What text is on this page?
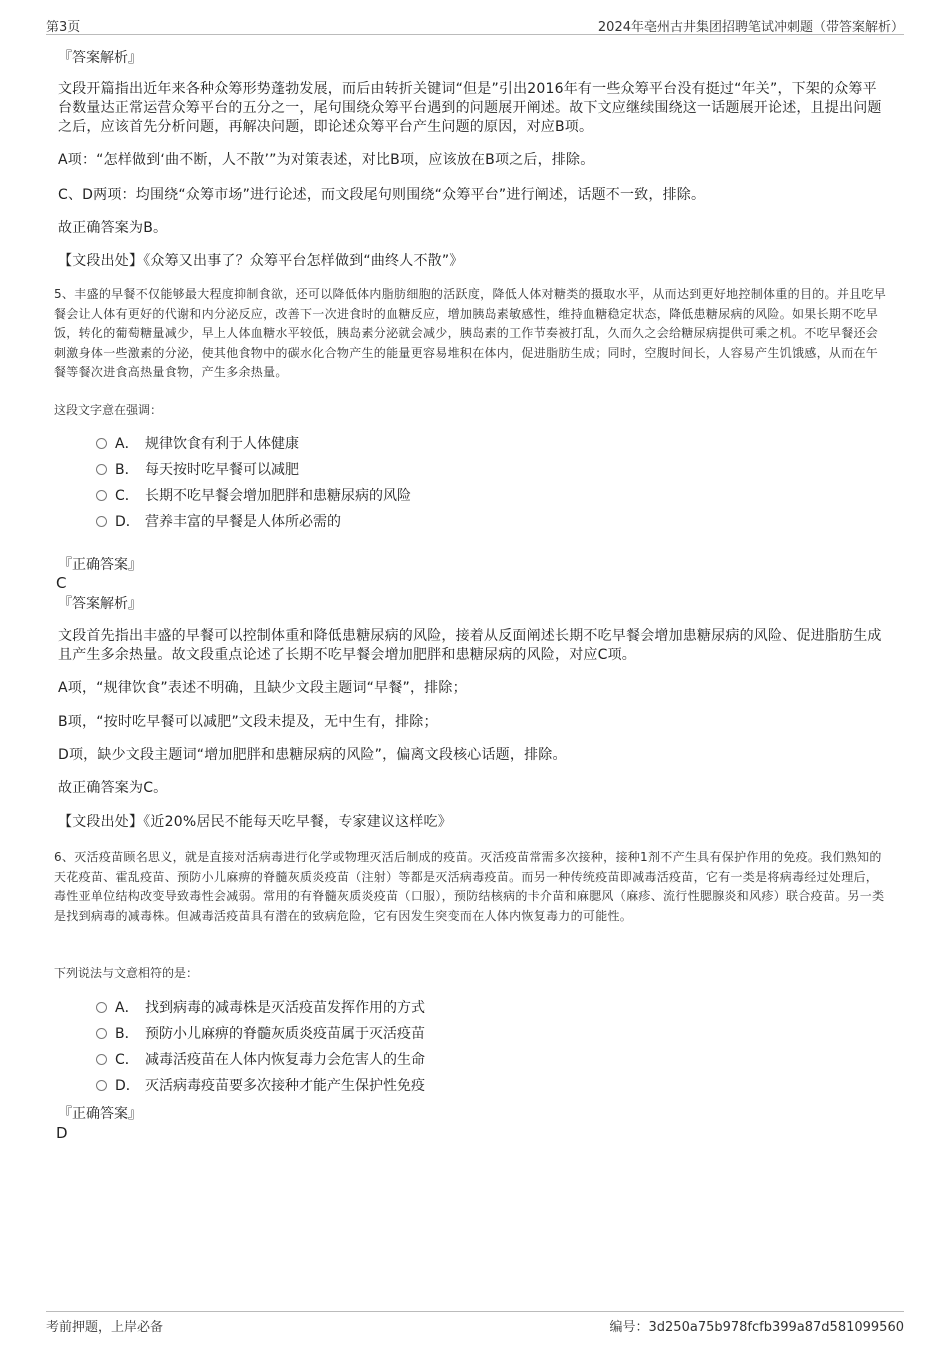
第3页	2024年亳州古井集团招聘笔试冲刺题（带答案解析）
『答案解析』
文段开篇指出近年来各种众筹形势蓬勃发展，而后由转折关键词“但是”引出2016年有一些众筹平台没有挺过“年关”，下架的众筹平台数量达正常运营众筹平台的五分之一，尾句围绕众筹平台遇到的问题展开阐述。故下文应继续围绕这一话题展开论述，且提出问题之后，应该首先分析问题，再解决问题，即论述众筹平台产生问题的原因，对应B项。
A项：“怎样做到‘曲不断，人不散’”为对策表述，对比B项，应该放在B项之后，排除。
C、D两项：均围绕“众筹市场”进行论述，而文段尾句则围绕“众筹平台”进行阐述，话题不一致，排除。
故正确答案为B。
【文段出处】《众筹又出事了？众筹平台怎样做到“曲终人不散”》
5、丰盛的早餐不仅能够最大程度抑制食欲，还可以降低体内脂肪细胞的活跃度，降低人体对糖类的摄取水平，从而达到更好地控制体重的目的。并且吃早餐会让人体有更好的代谢和内分泌反应，改善下一次进食时的血糖反应，增加胰岛素敏感性，维持血糖稳定状态，降低患糖尿病的风险。如果长期不吃早饭，转化的葡萄糖量减少，早上人体血糖水平较低，胰岛素分泌就会减少，胰岛素的工作节奏被打乱，久而久之会给糖尿病提供可乘之机。不吃早餐还会刺激身体一些激素的分泌，使其他食物中的碳水化合物产生的能量更容易堆积在体内，促进脂肪生成；同时，空腹时间长，人容易产生饥饿感，从而在午餐等餐次进食高热量食物，产生多余热量。
这段文字意在强调：
A． 规律饮食有利于人体健康
B． 每天按时吃早餐可以减肥
C． 长期不吃早餐会增加肥胖和患糖尿病的风险
D． 营养丰富的早餐是人体所必需的
『正确答案』
C
『答案解析』
文段首先指出丰盛的早餐可以控制体重和降低患糖尿病的风险，接着从反面阐述长期不吃早餐会增加患糖尿病的风险、促进脂肪生成且产生多余热量。故文段重点论述了长期不吃早餐会增加肥胖和患糖尿病的风险，对应C项。
A项，“规律饮食”表述不明确，且缺少文段主题词“早餐”，排除；
B项，“按时吃早餐可以减肥”文段未提及，无中生有，排除；
D项，缺少文段主题词“增加肥胖和患糖尿病的风险”，偏离文段核心话题，排除。
故正确答案为C。
【文段出处】《近20%居民不能每天吃早餐，专家建议这样吃》
6、灭活疫苗顾名思义，就是直接对活病毒进行化学或物理灭活后制成的疫苗。灭活疫苗常需多次接种，接种1剂不产生具有保护作用的免疫。我们熟知的天花疫苗、霍乱疫苗、预防小儿麻痹的脊髓灰质炎疫苗（注射）等都是灭活病毒疫苗。而另一种传统疫苗即减毒活疫苗，它有一类是将病毒经过处理后，毒性亚单位结构改变导致毒性会减弱。常用的有脊髓灰质炎疫苗（口服），预防结核病的卡介苗和麻腮风（麻疹、流行性腮腺炎和风疹）联合疫苗。另一类是找到病毒的减毒株。但减毒活疫苗具有潜在的致病危险，它有因发生突变而在人体内恢复毒力的可能性。
下列说法与文意相符的是：
A． 找到病毒的减毒株是灭活疫苗发挥作用的方式
B． 预防小儿麻痹的脊髓灰质炎疫苗属于灭活疫苗
C． 减毒活疫苗在人体内恢复毒力会危害人的生命
D． 灭活病毒疫苗要多次接种才能产生保护性免疫
『正确答案』
D
考前押题，上岸必备	编号：3d250a75b978fcfb399a87d581099560
